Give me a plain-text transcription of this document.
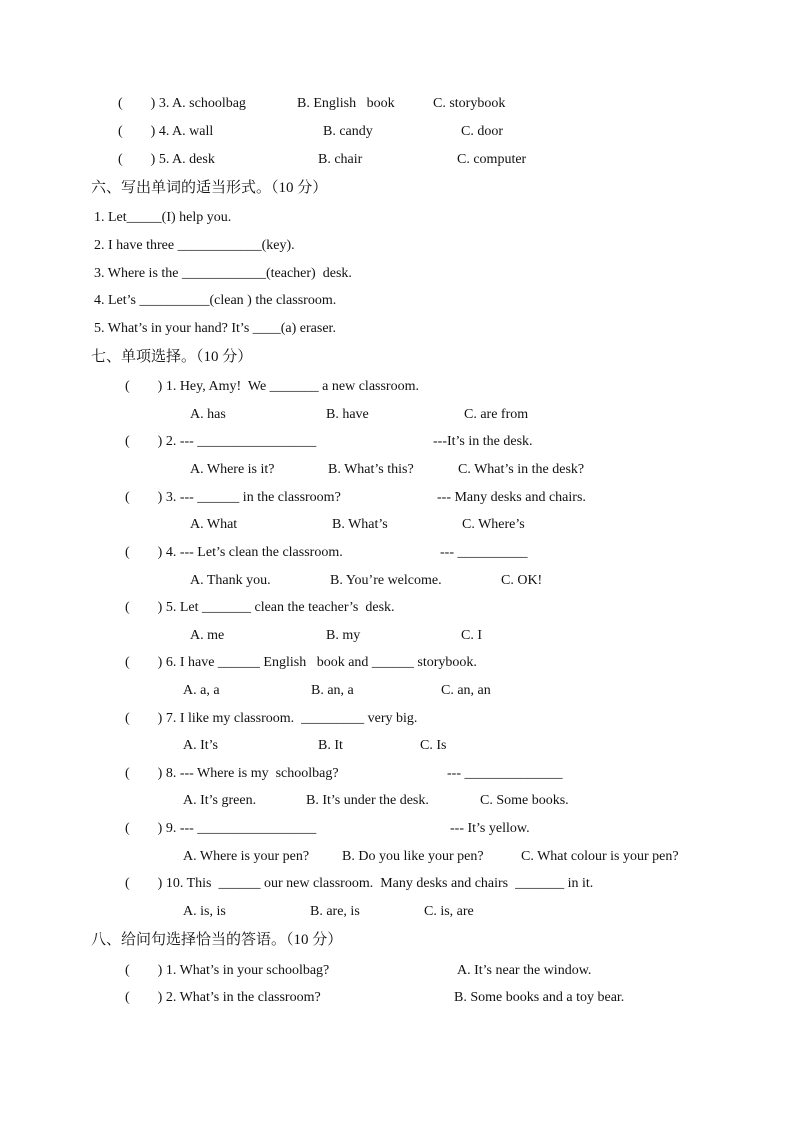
(        ) 3. A. schoolbag	B. English   book	C. storybook
(        ) 4. A. wall	B. candy	C. door
(        ) 5. A. desk	B. chair	C. computer
六、写出单词的适当形式。（10 分）
1. Let_____(I) help you.
2. I have three ____________(key).
3. Where is the ____________(teacher)  desk.
4. Let’s __________(clean ) the classroom.
5. What’s in your hand? It’s ____(a) eraser.
七、单项选择。（10 分）
(        ) 1. Hey, Amy!  We _______ a new classroom.
A. has	B. have	C. are from
(        ) 2. --- _________________	---It’s in the desk.
A. Where is it?	B. What’s this?	C. What’s in the desk?
(        ) 3. --- ______ in the classroom?	--- Many desks and chairs.
A. What	B. What’s	C. Where’s
(        ) 4. --- Let’s clean the classroom.	--- __________
A. Thank you.	B. You’re welcome.	C. OK!
(        ) 5. Let _______ clean the teacher’s  desk.
A. me	B. my	C. I
(        ) 6. I have ______ English   book and ______ storybook.
A. a, a	B. an, a	C. an, an
(        ) 7. I like my classroom.  _________ very big.
A. It’s	B. It	C. Is
(        ) 8. --- Where is my  schoolbag?	--- ______________
A. It’s green.	B. It’s under the desk.	C. Some books.
(        ) 9. --- _________________	--- It’s yellow.
A. Where is your pen? B. Do you like your pen?	C. What colour is your pen?
(        ) 10. This  ______ our new classroom.  Many desks and chairs  _______ in it.
A. is, is	B. are, is	C. is, are
八、给问句选择恰当的答语。（10 分）
(        ) 1. What’s in your schoolbag?	A. It’s near the window.
(        ) 2. What’s in the classroom?	B. Some books and a toy bear.
